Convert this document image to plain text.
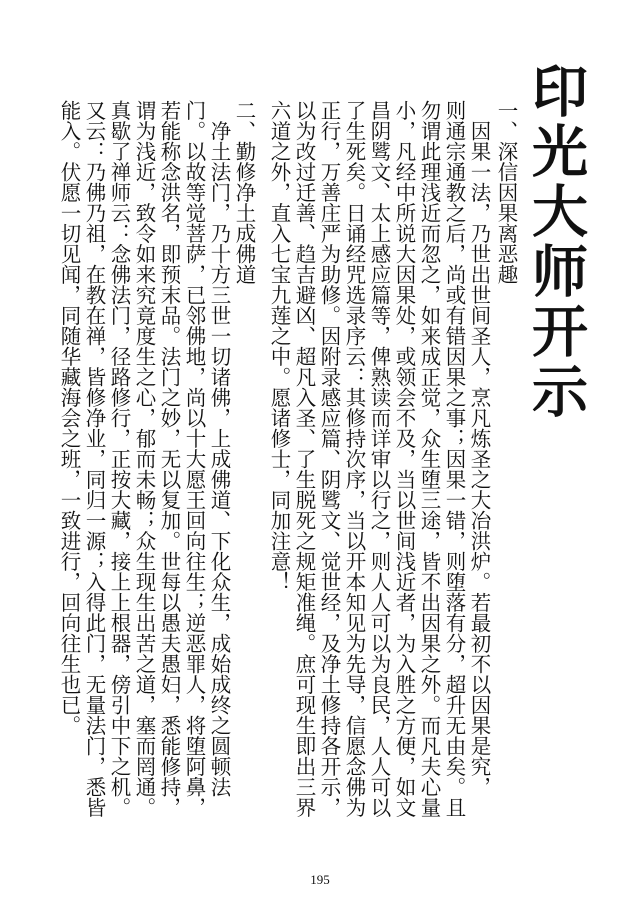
印光大师开示
一、深信因果离恶趣
　因果一法，乃世出世间圣人，烹凡炼圣之大冶洪炉。若最初不以因果是究，
则通宗通教之后，尚或有错因果之事；因果一错，则堕落有分，超升无由矣。且
勿谓此理浅近而忽之，如来成正觉，众生堕三途，皆不出因果之外。而凡夫心量
小，凡经中所说大因果处，或领会不及，当以世间浅近者，为入胜之方便，如文
昌阴骘文、太上感应篇等，俾熟读而详审以行之，则人人可以为良民，人人可以
了生死矣。日诵经咒选录序云：其修持次序，当以开本知见为先导，信愿念佛为
正行，万善庄严为助修。因附录感应篇、阴骘文、觉世经，及净土修持各开示，
以为改过迁善、趋吉避凶、超凡入圣、了生脱死之规矩准绳。庶可现生即出三界
六道之外，直入七宝九莲之中。愿诸修士，同加注意！
二、勤修净土成佛道
　净土法门，乃十方三世一切诸佛，上成佛道、下化众生，成始成终之圆顿法
门。以故等觉菩萨，已邻佛地，尚以十大愿王回向往生；逆恶罪人，将堕阿鼻，
若能称念洪名，即预末品。法门之妙，无以复加。世每以愚夫愚妇，悉能修持，
谓为浅近，致令如来究竟度生之心，郁而未畅；众生现生出苦之道，塞而罔通。
真歇了禅师云：念佛法门，径路修行，正按大藏，接上上根器，傍引中下之机。
又云：乃佛乃祖，在教在禅，皆修净业，同归一源；入得此门，无量法门，悉皆
能入。伏愿一切见闻，同随华藏海会之班，一致进行，回向往生也已。
195
